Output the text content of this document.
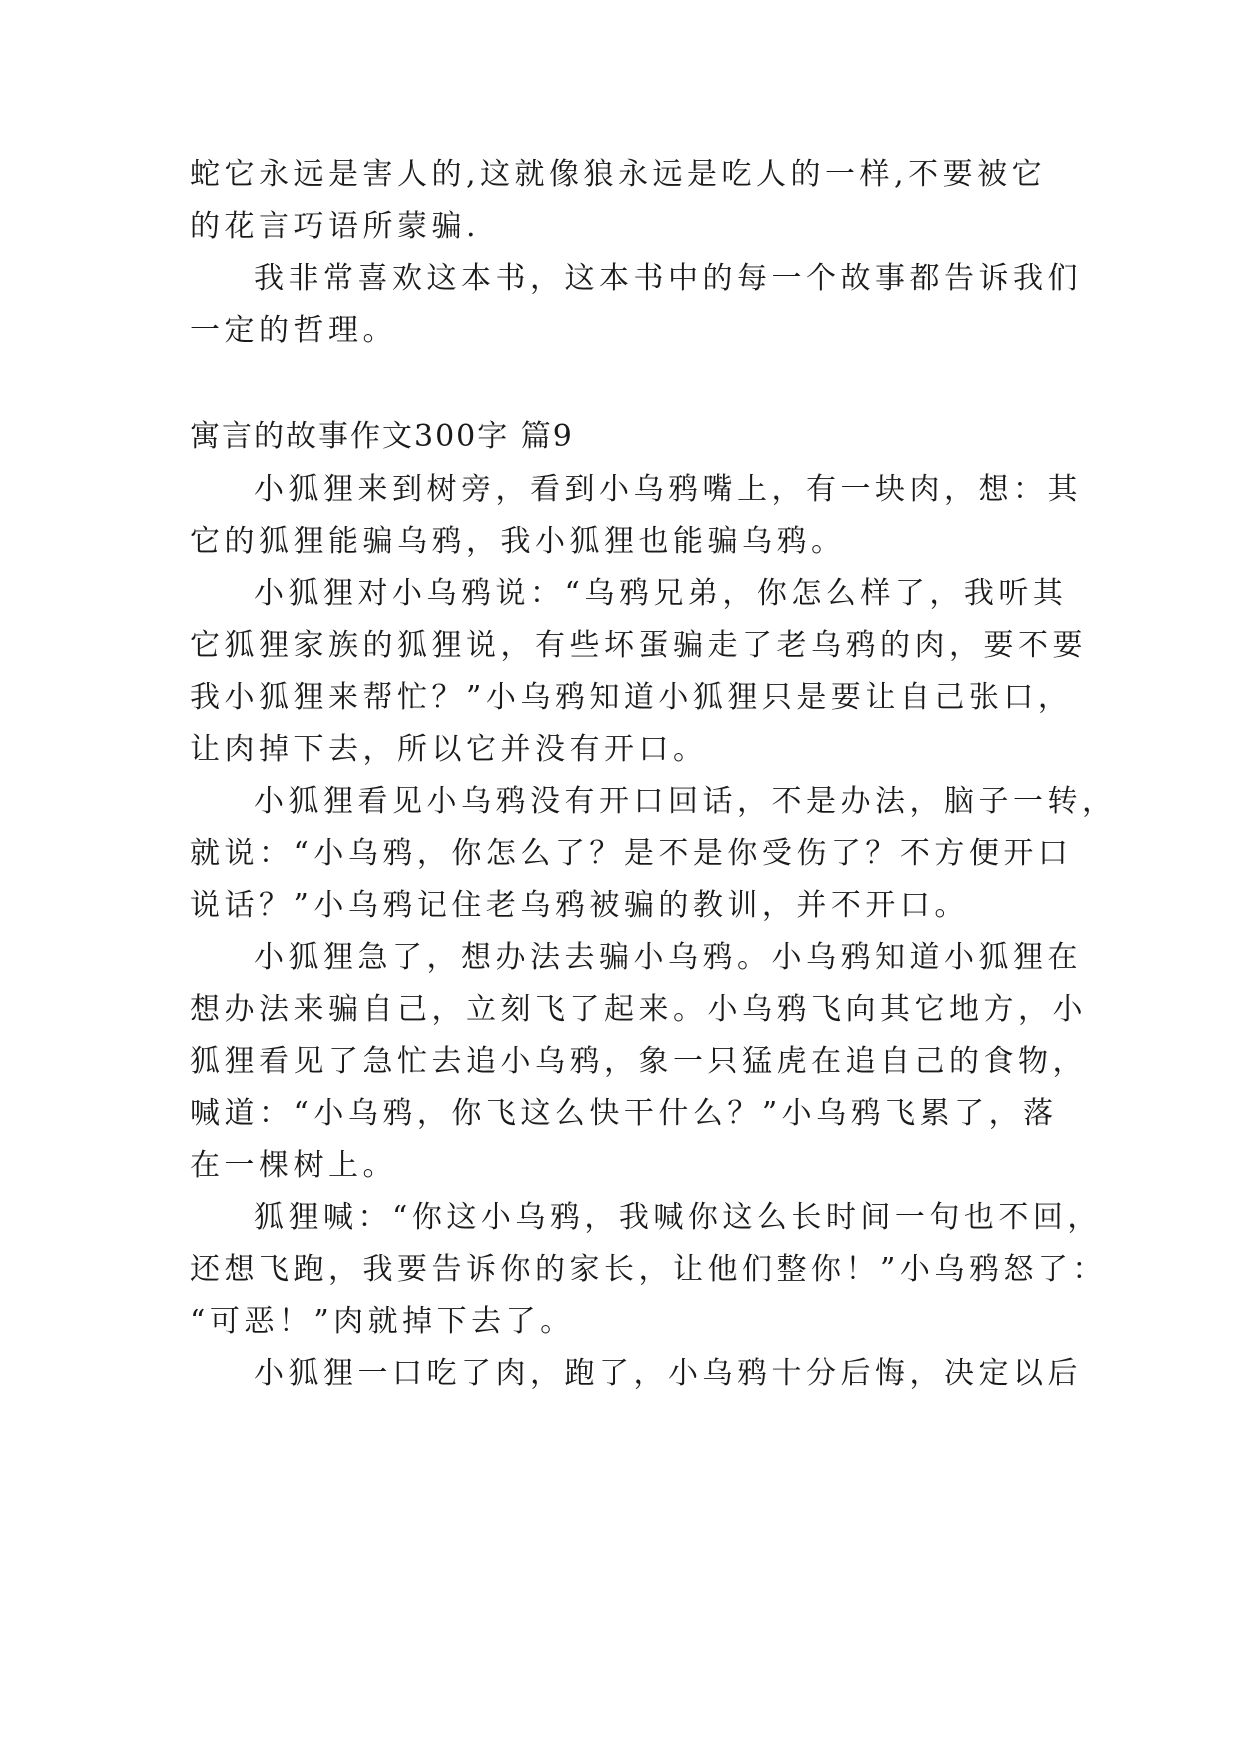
蛇它永远是害人的,这就像狼永远是吃人的一样,不要被它
的花言巧语所蒙骗.
我非常喜欢这本书，这本书中的每一个故事都告诉我们
一定的哲理。
寓言的故事作文300字 篇9
小狐狸来到树旁，看到小乌鸦嘴上，有一块肉，想：其
它的狐狸能骗乌鸦，我小狐狸也能骗乌鸦。
小狐狸对小乌鸦说：“乌鸦兄弟，你怎么样了，我听其
它狐狸家族的狐狸说，有些坏蛋骗走了老乌鸦的肉，要不要
我小狐狸来帮忙？”小乌鸦知道小狐狸只是要让自己张口，
让肉掉下去，所以它并没有开口。
小狐狸看见小乌鸦没有开口回话，不是办法，脑子一转，
就说：“小乌鸦，你怎么了？是不是你受伤了？不方便开口
说话？”小乌鸦记住老乌鸦被骗的教训，并不开口。
小狐狸急了，想办法去骗小乌鸦。小乌鸦知道小狐狸在
想办法来骗自己，立刻飞了起来。小乌鸦飞向其它地方，小
狐狸看见了急忙去追小乌鸦，象一只猛虎在追自己的食物，
喊道：“小乌鸦，你飞这么快干什么？”小乌鸦飞累了，落
在一棵树上。
狐狸喊：“你这小乌鸦，我喊你这么长时间一句也不回，
还想飞跑，我要告诉你的家长，让他们整你！”小乌鸦怒了：
“可恶！”肉就掉下去了。
小狐狸一口吃了肉，跑了，小乌鸦十分后悔，决定以后
